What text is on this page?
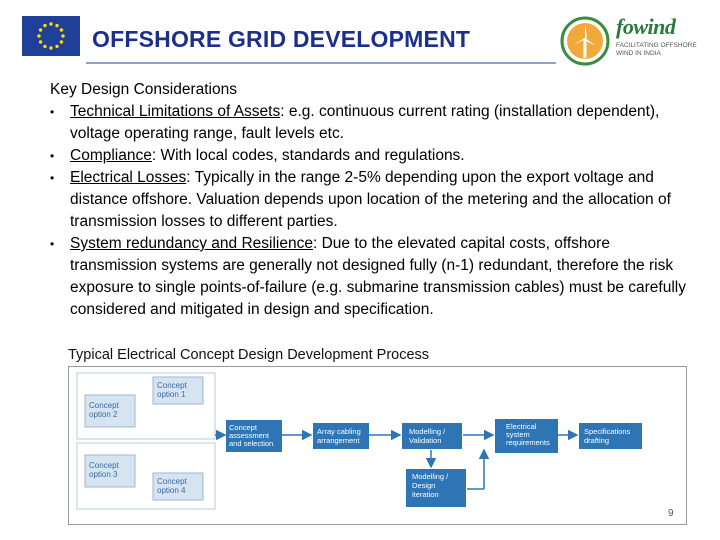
OFFSHORE GRID DEVELOPMENT	fowind
FACILITATING OFFSHORE WIND IN INDIA

Key Design Considerations

• Technical Limitations of Assets: e.g. continuous current rating (installation dependent), voltage operating range, fault levels etc.
• Compliance: With local codes, standards and regulations.
• Electrical Losses: Typically in the range 2-5% depending upon the export voltage and distance offshore. Valuation depends upon location of the metering and the allocation of transmission losses to different parties.
• System redundancy and Resilience: Due to the elevated capital costs, offshore transmission systems are generally not designed fully (n-1) redundant, therefore the risk exposure to single points-of-failure (e.g. submarine transmission cables) must be carefully considered and mitigated in design and specification.
Typical Electrical Concept Design Development Process
Concept option 1
Concept option 2
Concept option 3
Concept option 4
Concept assessment and selection
Array cabling arrangement
Modelling / Validation
Electrical system requirements
Specifications drafting
Modelling / Design iteration
9
